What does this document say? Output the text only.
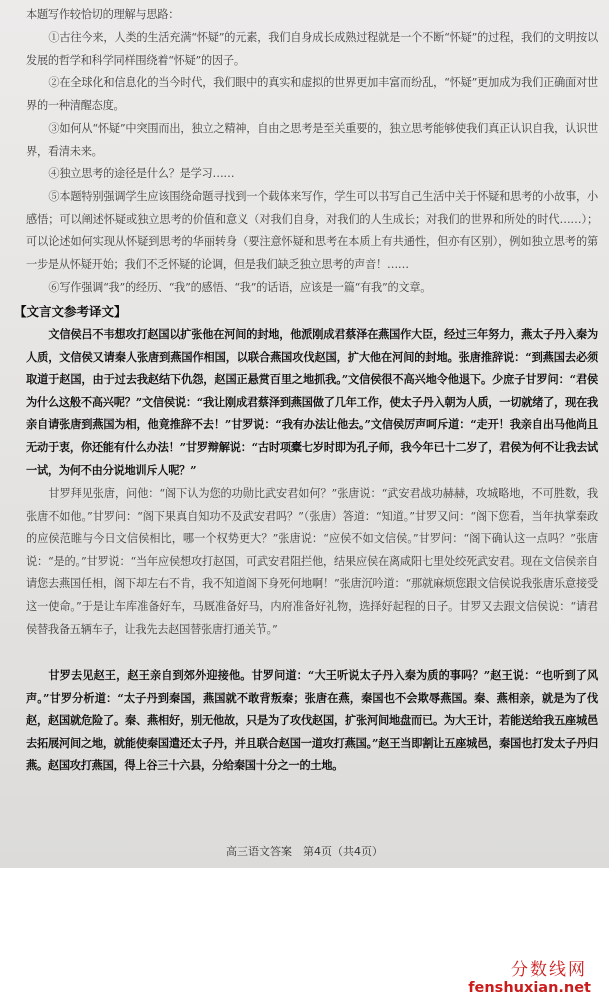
本题写作较恰切的理解与思路：

①古往今来，人类的生活充满“怀疑”的元素，我们自身成长成熟过程就是一个不断“怀疑”的过程，我们的文明按以发展的哲学和科学同样围绕着“怀疑”的因子。

②在全球化和信息化的当今时代，我们眼中的真实和虚拟的世界更加丰富而纷乱，“怀疑”更加成为我们正确面对世界的一种清醒态度。

③如何从“怀疑”中突围而出，独立之精神，自由之思考是至关重要的，独立思考能够使我们真正认识自我，认识世界，看清未来。

④独立思考的途径是什么？是学习……

⑤本题特别强调学生应该围绕命题寻找到一个载体来写作，学生可以书写自己生活中关于怀疑和思考的小故事，小感悟；可以阐述怀疑或独立思考的价值和意义（对我们自身，对我们的人生成长；对我们的世界和所处的时代……）；可以论述如何实现从怀疑到思考的华丽转身（要注意怀疑和思考在本质上有共通性，但亦有区别），例如独立思考的第一步是从怀疑开始；我们不乏怀疑的论调，但是我们缺乏独立思考的声音！……

⑥写作强调“我”的经历、“我”的感悟、“我”的话语，应该是一篇“有我”的文章。

【文言文参考译文】

文信侯吕不韦想攻打赵国以扩张他在河间的封地，他派刚成君蔡泽在燕国作大臣，经过三年努力，燕太子丹入秦为人质，文信侯又请秦人张唐到燕国作相国，以联合燕国攻伐赵国，扩大他在河间的封地。张唐推辞说：“到燕国去必须取道于赵国，由于过去我赵结下仇怨，赵国正悬赏百里之地抓我。”文信侯很不高兴地令他退下。少庶子甘罗问：“君侯为什么这般不高兴呢？”文信侯说：“我让刚成君蔡泽到燕国做了几年工作，使太子丹入朝为人质，一切就绪了，现在我亲自请张唐到燕国为相，他竟推辞不去！”甘罗说：“我有办法让他去。”文信侯厉声呵斥道：“走开！我亲自出马他尚且无动于衷，你还能有什么办法！”甘罗辩解说：“古时项橐七岁时即为孔子师，我今年已十二岁了，君侯为何不让我去试一试，为何不由分说地训斥人呢？”

甘罗拜见张唐，问他：“阁下认为您的功勋比武安君如何？”张唐说：“武安君战功赫赫，攻城略地，不可胜数，我张唐不如他。”甘罗问：“阁下果真自知功不及武安君吗？”（张唐）答道：“知道。”甘罗又问：“阁下您看，当年执掌秦政的应侯范睢与今日文信侯相比，哪一个权势更大？”张唐说：“应侯不如文信侯。”甘罗问：“阁下确认这一点吗？”张唐说：“是的。”甘罗说：“当年应侯想攻打赵国，可武安君阻拦他，结果应侯在离咸阳七里处绞死武安君。现在文信侯亲自请您去燕国任相，阁下却左右不肯，我不知道阁下身死何地啊！”张唐沉吟道：“那就麻烦您跟文信侯说我张唐乐意接受这一使命。”于是让车库准备好车，马厩准备好马，内府准备好礼物，选择好起程的日子。甘罗又去跟文信侯说：“请君侯替我备五辆车子，让我先去赵国替张唐打通关节。”

甘罗去见赵王，赵王亲自到郊外迎接他。甘罗问道：“大王听说太子丹入秦为质的事吗？”赵王说：“也听到了风声。”甘罗分析道：“太子丹到秦国，燕国就不敢背叛秦；张唐在燕，秦国也不会欺辱燕国。秦、燕相亲，就是为了伐赵，赵国就危险了。秦、燕相好，别无他故，只是为了攻伐赵国，扩张河间地盘而已。为大王计，若能送给我五座城邑去拓展河间之地，就能使秦国遣还太子丹，并且联合赵国一道攻打燕国。”赵王当即割让五座城邑，秦国也打发太子丹归燕。赵国攻打燕国，得上谷三十六县，分给秦国十分之一的土地。

高三语文答案　第4页（共4页）
分数线网
fenshuxian.net
